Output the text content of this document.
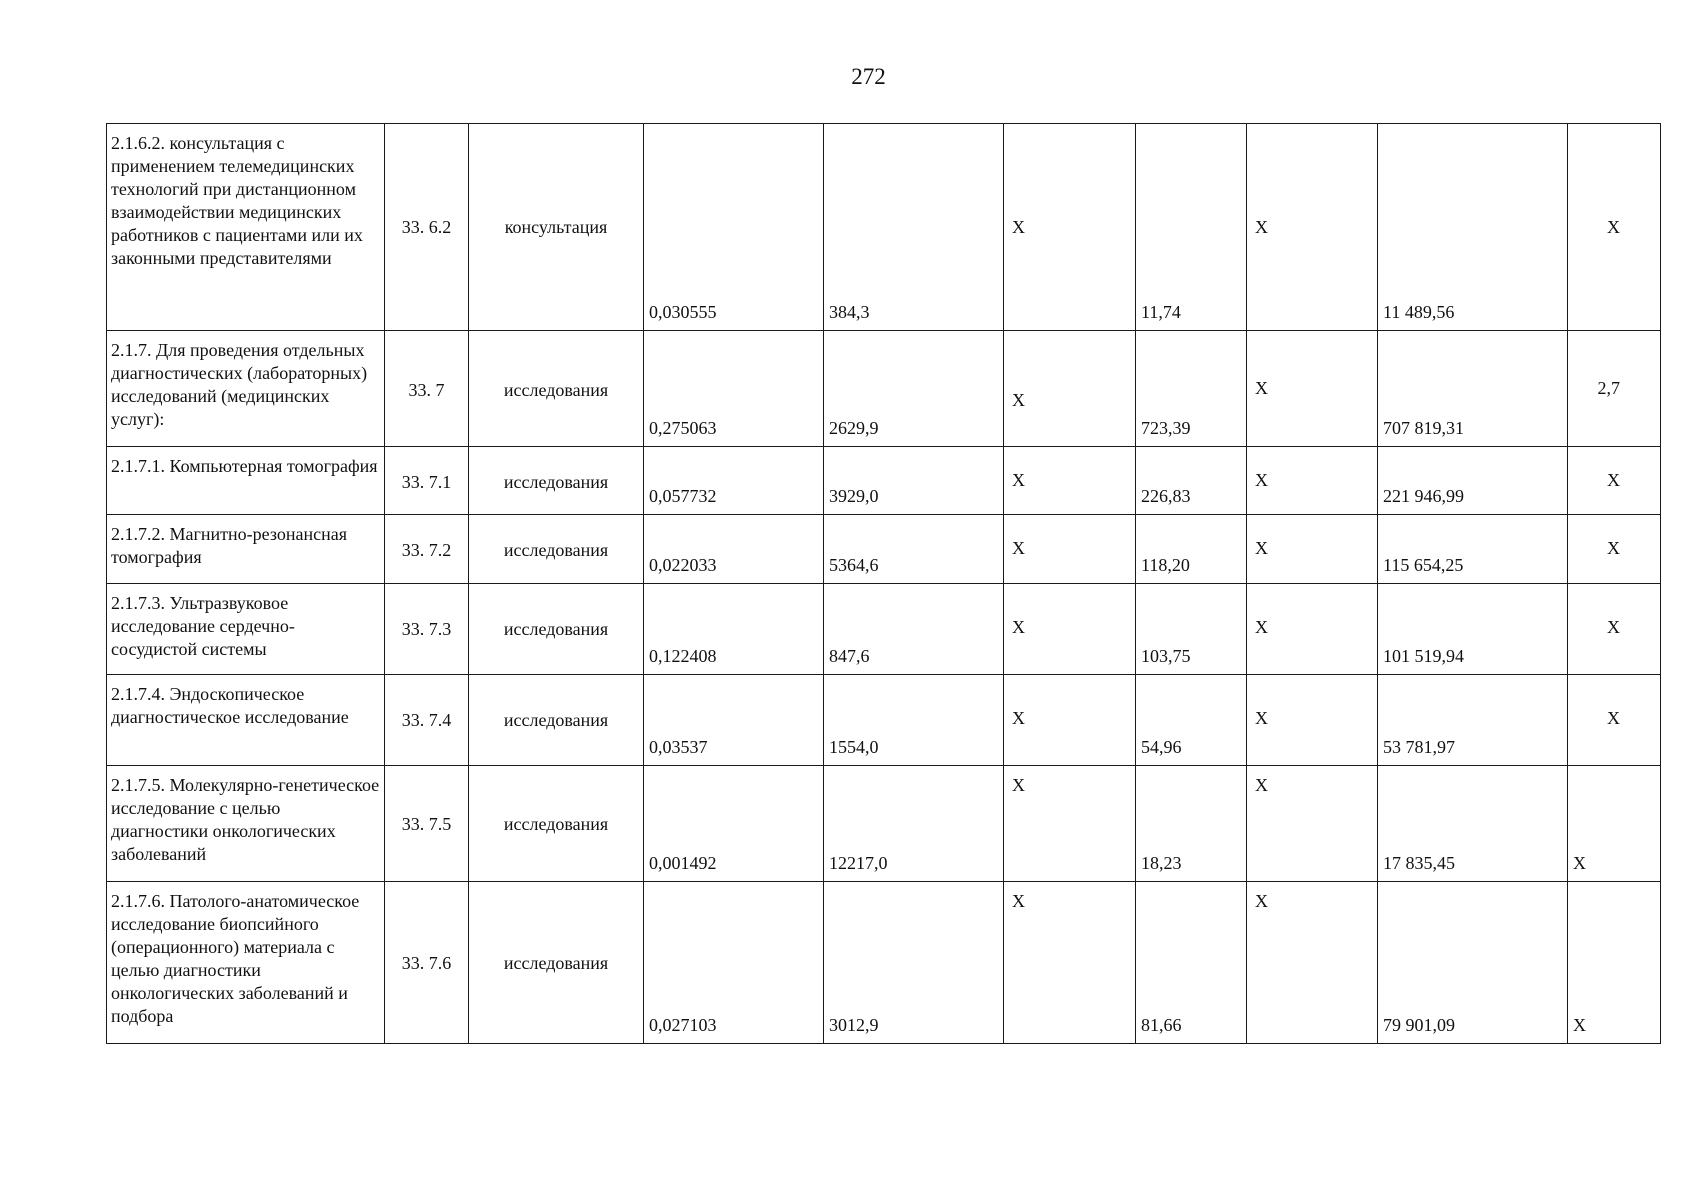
272
2.1.6.2. консультация с применением телемедицинских технологий при дистанционном взаимодействии медицинских работников с пациентами или их законными представителями	33. 6.2	консультация	0,030555	384,3	X	11,74	X	11 489,56	X

2.1.7. Для проведения отдельных диагностических (лабораторных) исследований (медицинских услуг):	33. 7	исследования	0,275063	2629,9	X	723,39	X	707 819,31	2,7

2.1.7.1. Компьютерная томография	33. 7.1	исследования	0,057732	3929,0	X	226,83	X	221 946,99	X

2.1.7.2. Магнитно-резонансная томография	33. 7.2	исследования	0,022033	5364,6	X	118,20	X	115 654,25	X

2.1.7.3. Ультразвуковое исследование сердечно-сосудистой системы	33. 7.3	исследования	0,122408	847,6	X	103,75	X	101 519,94	X

2.1.7.4. Эндоскопическое диагностическое исследование	33. 7.4	исследования	0,03537	1554,0	X	54,96	X	53 781,97	X

2.1.7.5. Молекулярно-генетическое исследование с целью диагностики онкологических заболеваний	33. 7.5	исследования	0,001492	12217,0	X	18,23	X	17 835,45	X

2.1.7.6. Патолого-анатомическое исследование биопсийного (операционного) материала с целью диагностики онкологических заболеваний и подбора	33. 7.6	исследования	0,027103	3012,9	X	81,66	X	79 901,09	X
